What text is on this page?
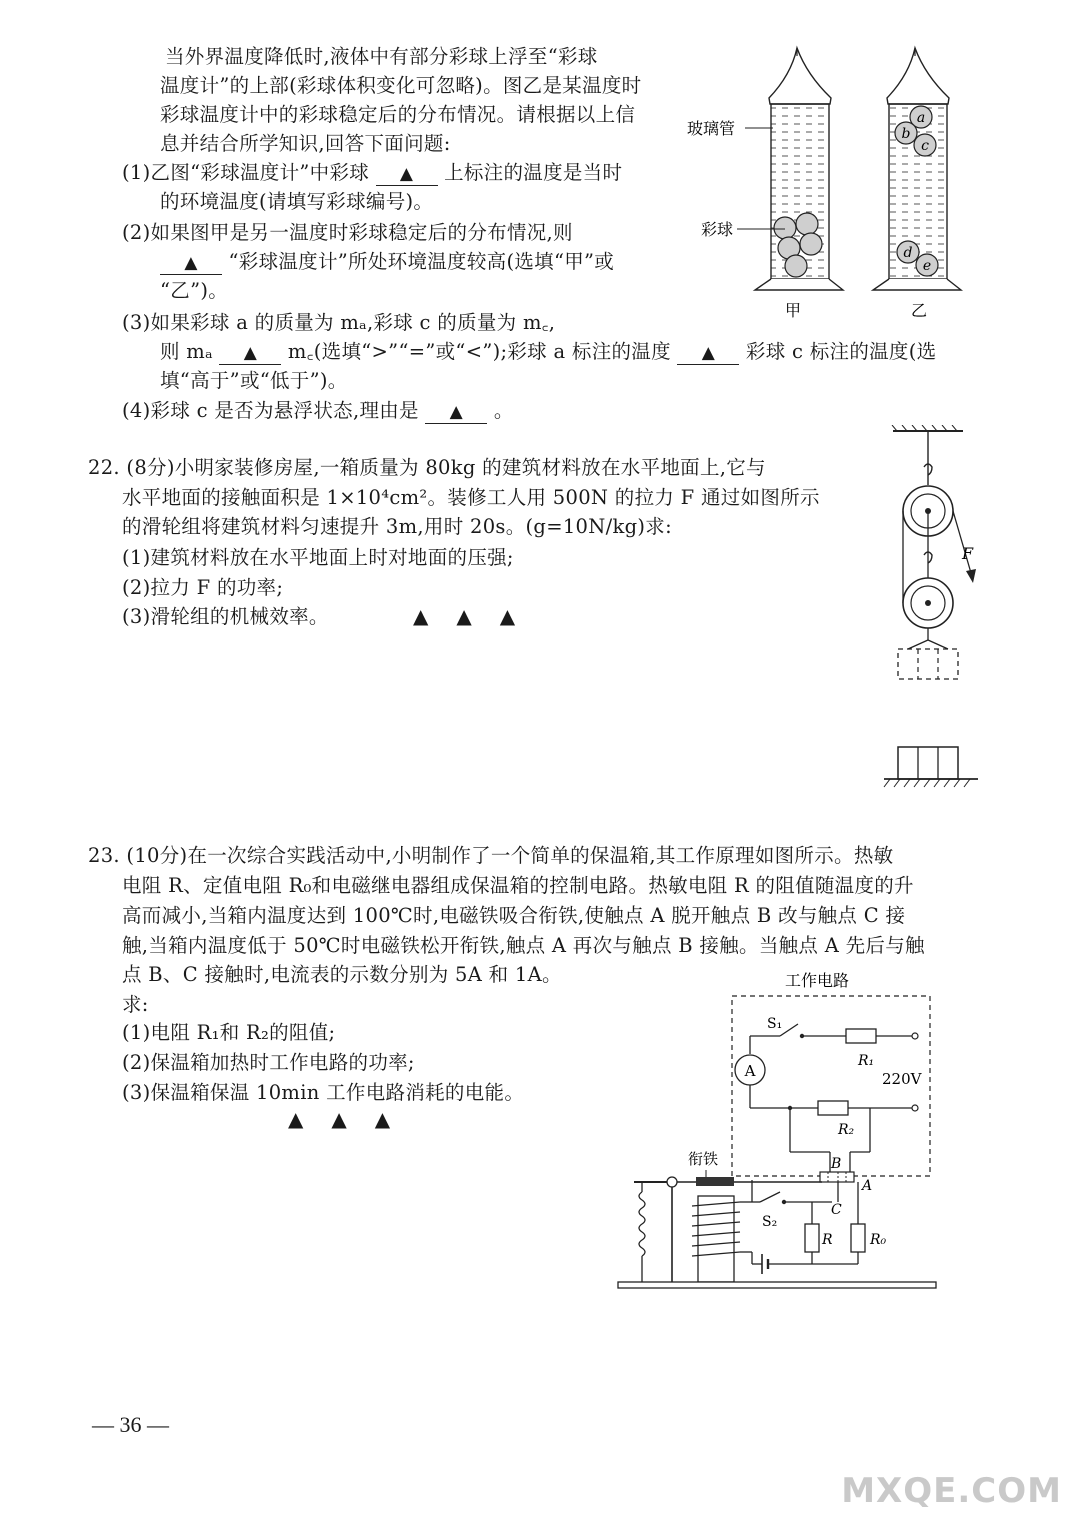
当外界温度降低时,液体中有部分彩球上浮至“彩球
温度计”的上部(彩球体积变化可忽略)。图乙是某温度时
彩球温度计中的彩球稳定后的分布情况。请根据以上信
息并结合所学知识,回答下面问题:
(1)乙图“彩球温度计”中彩球 ▲ 上标注的温度是当时
的环境温度(请填写彩球编号)。
(2)如果图甲是另一温度时彩球稳定后的分布情况,则
▲ “彩球温度计”所处环境温度较高(选填“甲”或
“乙”)。
(3)如果彩球 a 的质量为 mₐ,彩球 c 的质量为 m꜀,
则 mₐ ▲ m꜀(选填“>”“=”或“<”);彩球 a 标注的温度 ▲ 彩球 c 标注的温度(选
填“高于”或“低于”)。
(4)彩球 c 是否为悬浮状态,理由是 ▲ 。
a
b
c
d
e
玻璃管
彩球
甲	乙
22. (8分)小明家装修房屋,一箱质量为 80kg 的建筑材料放在水平地面上,它与
水平地面的接触面积是 1×10⁴cm²。装修工人用 500N 的拉力 F 通过如图所示
的滑轮组将建筑材料匀速提升 3m,用时 20s。(g=10N/kg)求:
(1)建筑材料放在水平地面上时对地面的压强;
(2)拉力 F 的功率;
(3)滑轮组的机械效率。	▲▲▲
F
23. (10分)在一次综合实践活动中,小明制作了一个简单的保温箱,其工作原理如图所示。热敏
电阻 R、定值电阻 R₀和电磁继电器组成保温箱的控制电路。热敏电阻 R 的阻值随温度的升
高而减小,当箱内温度达到 100℃时,电磁铁吸合衔铁,使触点 A 脱开触点 B 改与触点 C 接
触,当箱内温度低于 50℃时电磁铁松开衔铁,触点 A 再次与触点 B 接触。当触点 A 先后与触
点 B、C 接触时,电流表的示数分别为 5A 和 1A。
求:
(1)电阻 R₁和 R₂的阻值;
(2)保温箱加热时工作电路的功率;
(3)保温箱保温 10min 工作电路消耗的电能。
▲▲▲
工作电路
S₁
R₁
220V
A
R₂
B
A
衔铁
S₂
C
R	R₀
— 36 —
MXQE.COM
